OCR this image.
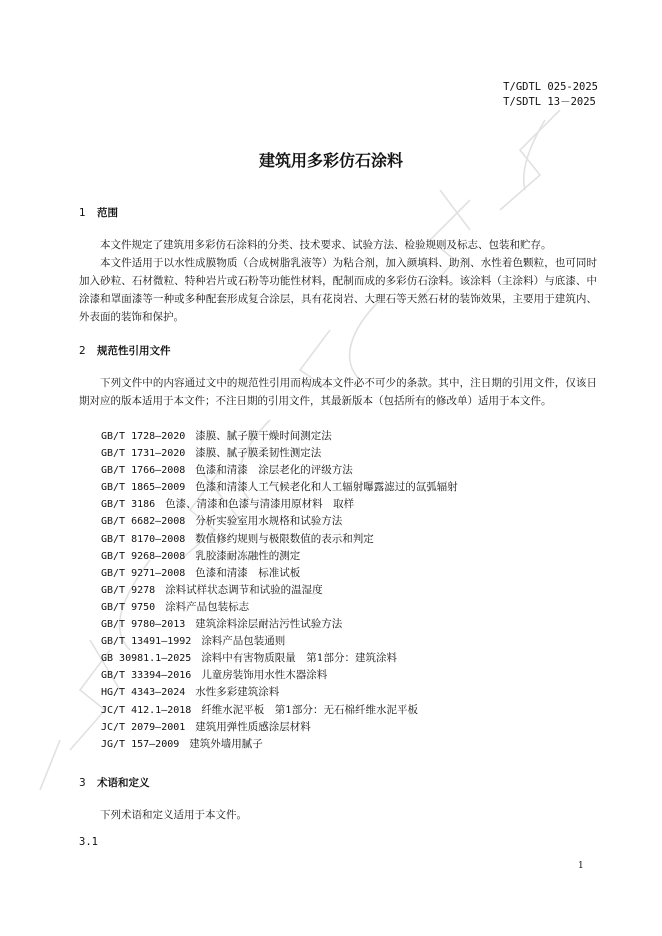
T/GDTL 025-2025
T/SDTL 13－2025
建筑用多彩仿石涂料
1 范围

本文件规定了建筑用多彩仿石涂料的分类、技术要求、试验方法、检验规则及标志、包装和贮存。

本文件适用于以水性成膜物质（合成树脂乳液等）为粘合剂，加入颜填料、助剂、水性着色颗粒，也可同时加入砂粒、石材微粒、特种岩片或石粉等功能性材料，配制而成的多彩仿石涂料。该涂料（主涂料）与底漆、中涂漆和罩面漆等一种或多种配套形成复合涂层，具有花岗岩、大理石等天然石材的装饰效果，主要用于建筑内、外表面的装饰和保护。

2 规范性引用文件

下列文件中的内容通过文中的规范性引用而构成本文件必不可少的条款。其中，注日期的引用文件，仅该日期对应的版本适用于本文件；不注日期的引用文件，其最新版本（包括所有的修改单）适用于本文件。

GB/T 1728—2020 漆膜、腻子膜干燥时间测定法
GB/T 1731—2020 漆膜、腻子膜柔韧性测定法
GB/T 1766—2008 色漆和清漆　涂层老化的评级方法
GB/T 1865—2009 色漆和清漆人工气候老化和人工辐射曝露滤过的氙弧辐射
GB/T 3186 色漆、清漆和色漆与清漆用原材料　取样
GB/T 6682—2008 分析实验室用水规格和试验方法
GB/T 8170—2008 数值修约规则与极限数值的表示和判定
GB/T 9268—2008 乳胶漆耐冻融性的测定
GB/T 9271—2008 色漆和清漆　标准试板
GB/T 9278 涂料试样状态调节和试验的温湿度
GB/T 9750 涂料产品包装标志
GB/T 9780—2013 建筑涂料涂层耐沾污性试验方法
GB/T 13491—1992 涂料产品包装通则
GB 30981.1—2025 涂料中有害物质限量　第1部分：建筑涂料
GB/T 33394—2016 儿童房装饰用水性木器涂料
HG/T 4343—2024 水性多彩建筑涂料
JC/T 412.1—2018 纤维水泥平板　第1部分：无石棉纤维水泥平板
JC/T 2079—2001 建筑用弹性质感涂层材料
JG/T 157—2009 建筑外墙用腻子
3 术语和定义

下列术语和定义适用于本文件。

3.1
1
